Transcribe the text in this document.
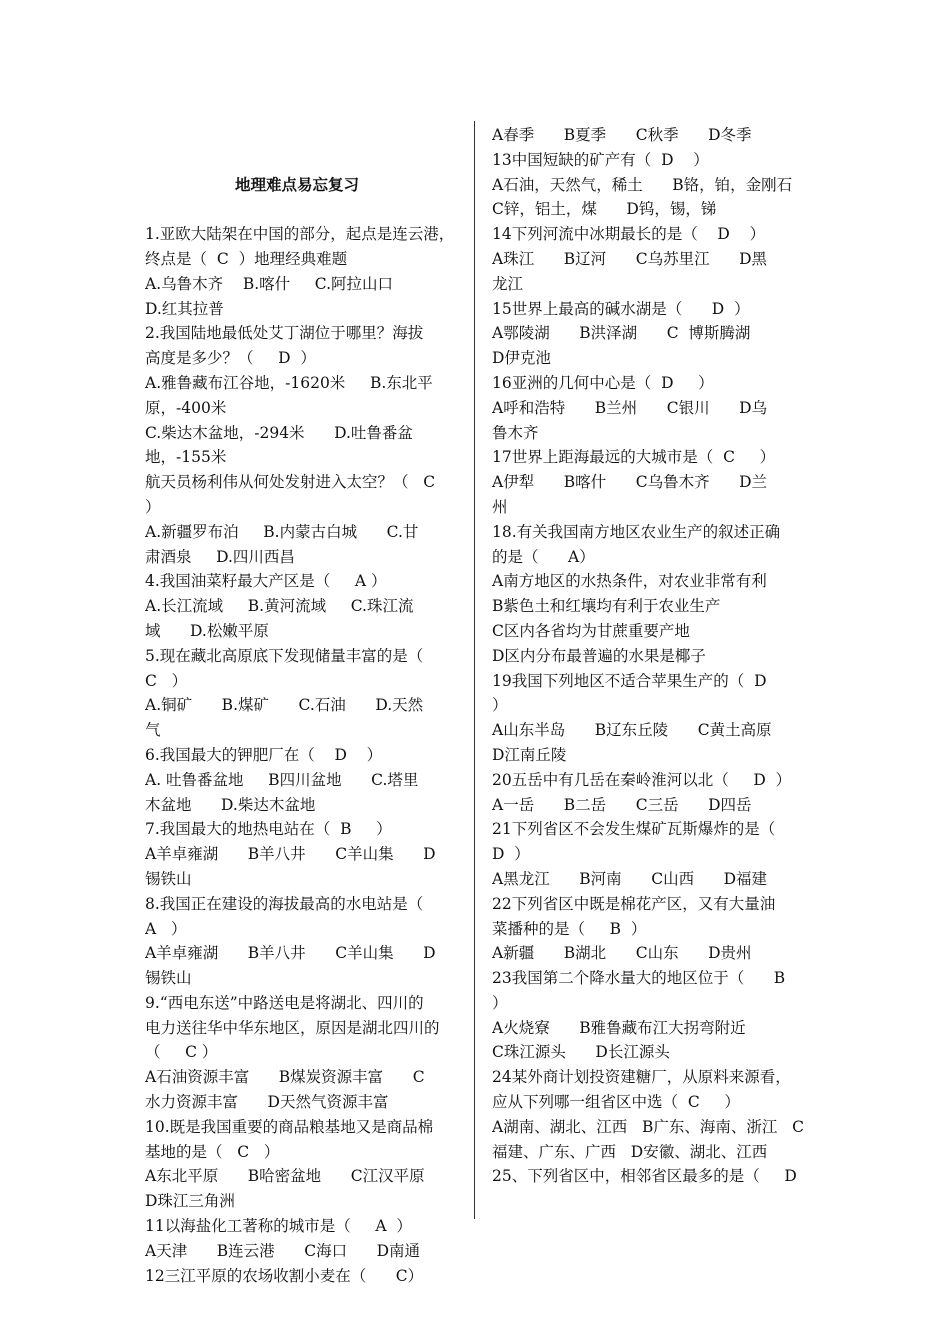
地理难点易忘复习

1.亚欧大陆架在中国的部分，起点是连云港，
终点是（  C  ）地理经典难题
A.乌鲁木齐    B.喀什     C.阿拉山口
D.红其拉普
2.我国陆地最低处艾丁湖位于哪里？海拔
高度是多少？（     D  ）
A.雅鲁藏布江谷地，-1620米     B.东北平
原，-400米
C.柴达木盆地，-294米      D.吐鲁番盆
地，-155米
航天员杨利伟从何处发射进入太空？（   C
）
A.新疆罗布泊     B.内蒙古白城      C.甘
肃酒泉     D.四川西昌
4.我国油菜籽最大产区是（     A ）
A.长江流域     B.黄河流域     C.珠江流
域      D.松嫩平原
5.现在藏北高原底下发现储量丰富的是（
C   ）
A.铜矿      B.煤矿      C.石油      D.天然
气
6.我国最大的钾肥厂在（    D    ）
A. 吐鲁番盆地     B四川盆地      C.塔里
木盆地      D.柴达木盆地
7.我国最大的地热电站在（  B     ）
A羊卓雍湖      B羊八井      C羊山集      D
锡铁山
8.我国正在建设的海拔最高的水电站是（
A   ）
A羊卓雍湖      B羊八井      C羊山集      D
锡铁山
9.“西电东送”中路送电是将湖北、四川的
电力送往华中华东地区，原因是湖北四川的
（     C ）
A石油资源丰富      B煤炭资源丰富      C
水力资源丰富      D天然气资源丰富
10.既是我国重要的商品粮基地又是商品棉
基地的是（   C   ）
A东北平原      B哈密盆地      C江汉平原
D珠江三角洲
11以海盐化工著称的城市是（     A  ）
A天津      B连云港      C海口      D南通
12三江平原的农场收割小麦在（      C）
A春季      B夏季      C秋季      D冬季
13中国短缺的矿产有（  D    ）
A石油，天然气，稀土      B铬，铂，金刚石
C锌，铝土，煤      D钨，锡，锑
14下列河流中冰期最长的是（    D    ）
A珠江      B辽河      C乌苏里江      D黑
龙江
15世界上最高的碱水湖是（      D  ）
A鄂陵湖      B洪泽湖      C  博斯腾湖
D伊克池
16亚洲的几何中心是（  D     ）
A呼和浩特      B兰州      C银川      D乌
鲁木齐
17世界上距海最远的大城市是（  C     ）
A伊犁      B喀什      C乌鲁木齐      D兰
州
18.有关我国南方地区农业生产的叙述正确
的是（      A）
A南方地区的水热条件，对农业非常有利
B紫色土和红壤均有利于农业生产
C区内各省均为甘蔗重要产地
D区内分布最普遍的水果是椰子
19我国下列地区不适合苹果生产的（  D
）
A山东半岛      B辽东丘陵      C黄土高原
D江南丘陵
20五岳中有几岳在秦岭淮河以北（     D  ）
A一岳      B二岳      C三岳      D四岳
21下列省区不会发生煤矿瓦斯爆炸的是（
D  ）
A黑龙江      B河南      C山西      D福建
22下列省区中既是棉花产区，又有大量油
菜播种的是（     B  ）
A新疆      B湖北      C山东      D贵州
23我国第二个降水量大的地区位于（      B
）
A火烧寮      B雅鲁藏布江大拐弯附近
C珠江源头      D长江源头
24某外商计划投资建糖厂，从原料来源看，
应从下列哪一组省区中选（  C     ）
A湖南、湖北、江西   B广东、海南、浙江   C
福建、广东、广西   D安徽、湖北、江西
25、下列省区中，相邻省区最多的是（     D
